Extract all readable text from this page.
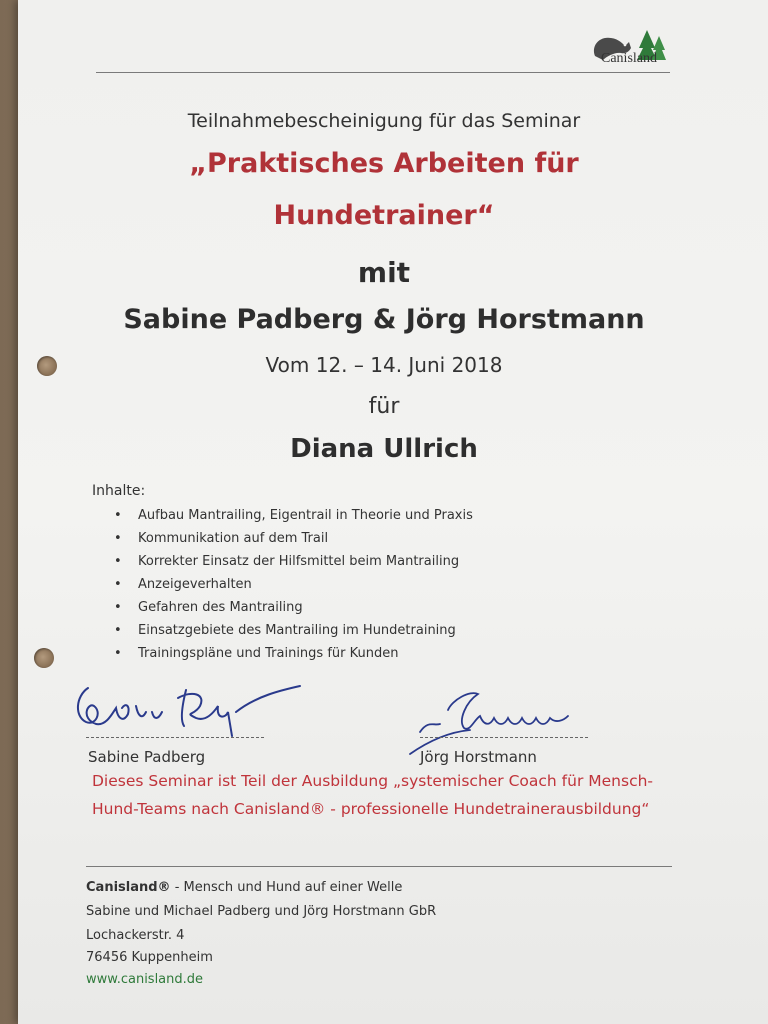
Canisland
Teilnahmebescheinigung für das Seminar
„Praktisches Arbeiten für
Hundetrainer“
mit
Sabine Padberg & Jörg Horstmann
Vom 12. – 14. Juni 2018
für
Diana Ullrich
Inhalte:
• Aufbau Mantrailing, Eigentrail in Theorie und Praxis
• Kommunikation auf dem Trail
• Korrekter Einsatz der Hilfsmittel beim Mantrailing
• Anzeigeverhalten
• Gefahren des Mantrailing
• Einsatzgebiete des Mantrailing im Hundetraining
• Trainingspläne und Trainings für Kunden
Sabine Padberg	Jörg Horstmann
Dieses Seminar ist Teil der Ausbildung „systemischer Coach für Mensch-
Hund-Teams nach Canisland® - professionelle Hundetrainerausbildung“
Canisland® - Mensch und Hund auf einer Welle
Sabine und Michael Padberg und Jörg Horstmann GbR
Lochackerstr. 4
76456 Kuppenheim
www.canisland.de
